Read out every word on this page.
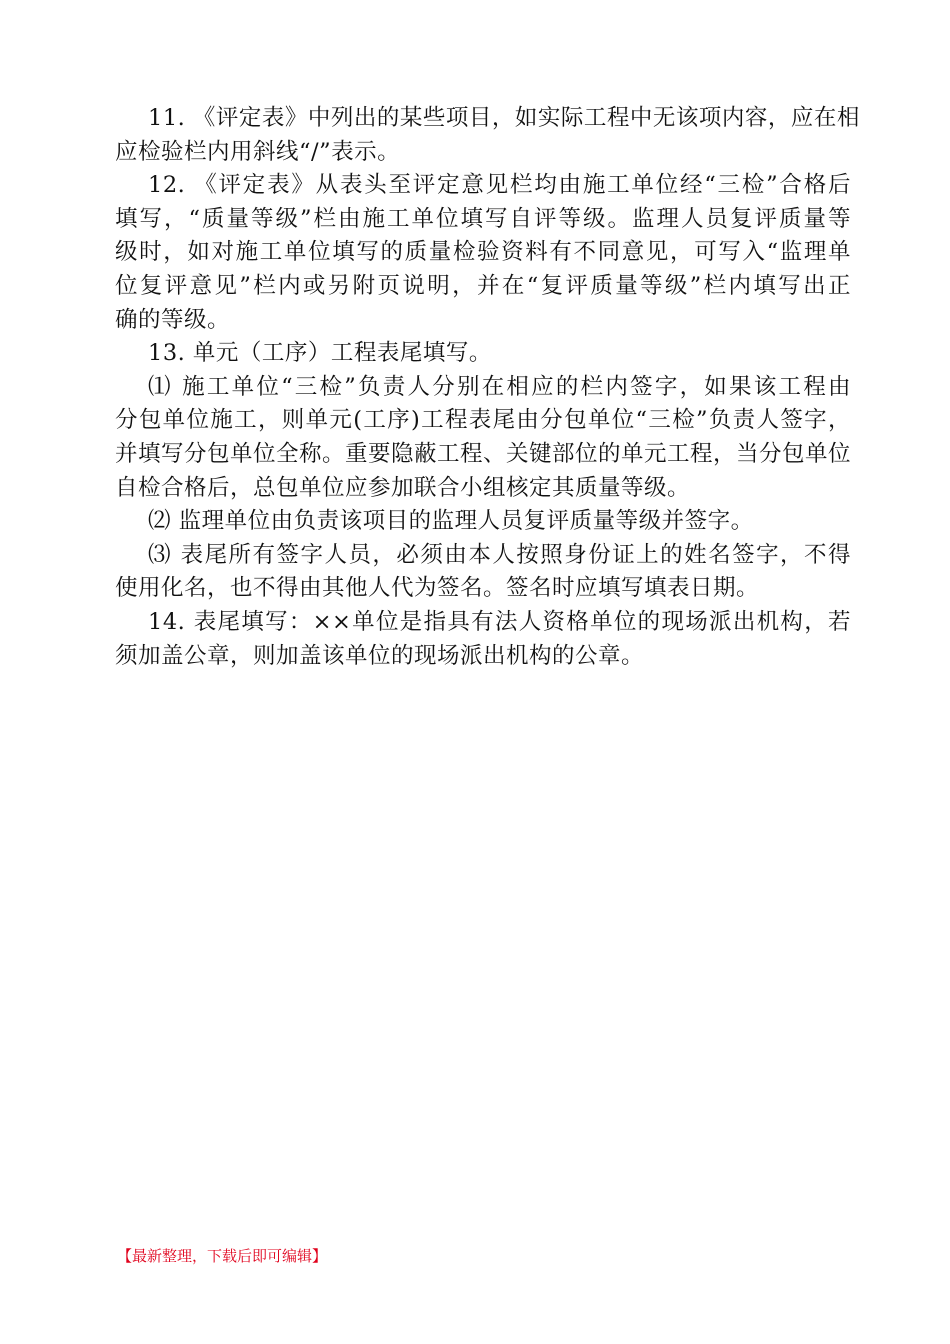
11. 《评定表》中列出的某些项目，如实际工程中无该项内容，应在相
应检验栏内用斜线“/”表示。
12. 《评定表》从表头至评定意见栏均由施工单位经“三检”合格后
填写，“质量等级”栏由施工单位填写自评等级。监理人员复评质量等
级时，如对施工单位填写的质量检验资料有不同意见，可写入“监理单
位复评意见”栏内或另附页说明，并在“复评质量等级”栏内填写出正
确的等级。
13. 单元（工序）工程表尾填写。
⑴ 施工单位“三检”负责人分别在相应的栏内签字，如果该工程由
分包单位施工，则单元(工序)工程表尾由分包单位“三检”负责人签字，
并填写分包单位全称。重要隐蔽工程、关键部位的单元工程，当分包单位
自检合格后，总包单位应参加联合小组核定其质量等级。
⑵ 监理单位由负责该项目的监理人员复评质量等级并签字。
⑶ 表尾所有签字人员，必须由本人按照身份证上的姓名签字，不得
使用化名，也不得由其他人代为签名。签名时应填写填表日期。
14. 表尾填写：××单位是指具有法人资格单位的现场派出机构，若
须加盖公章，则加盖该单位的现场派出机构的公章。
【最新整理，下载后即可编辑】
